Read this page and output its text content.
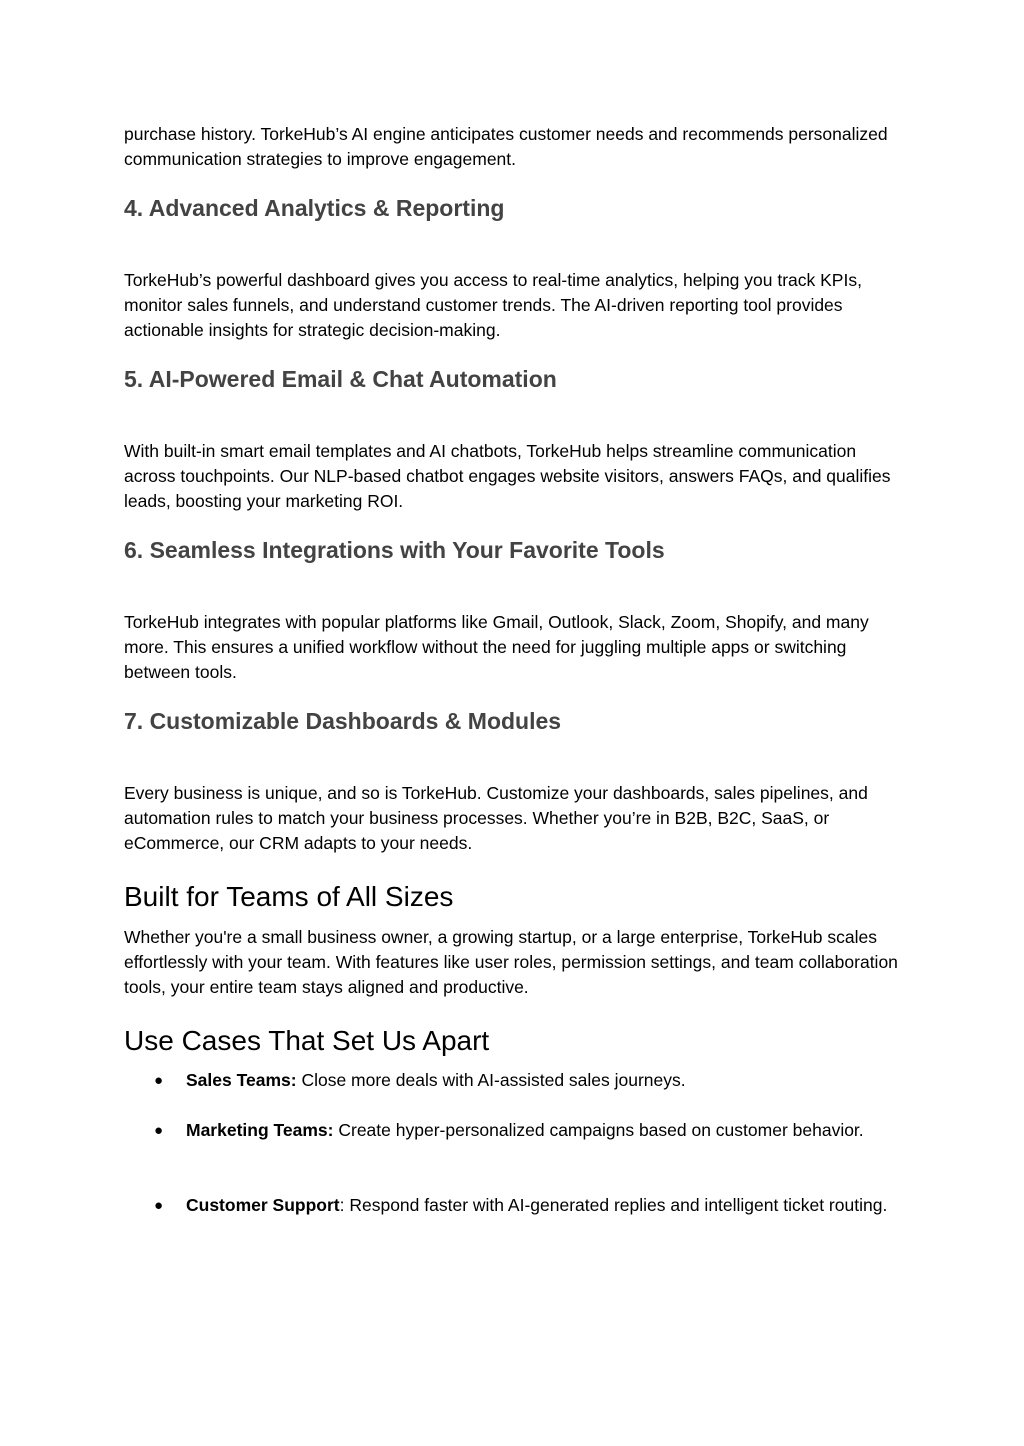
purchase history. TorkeHub’s AI engine anticipates customer needs and recommends personalized communication strategies to improve engagement.

4. Advanced Analytics & Reporting

TorkeHub’s powerful dashboard gives you access to real-time analytics, helping you track KPIs, monitor sales funnels, and understand customer trends. The AI-driven reporting tool provides actionable insights for strategic decision-making.

5. AI-Powered Email & Chat Automation

With built-in smart email templates and AI chatbots, TorkeHub helps streamline communication across touchpoints. Our NLP-based chatbot engages website visitors, answers FAQs, and qualifies leads, boosting your marketing ROI.

6. Seamless Integrations with Your Favorite Tools

TorkeHub integrates with popular platforms like Gmail, Outlook, Slack, Zoom, Shopify, and many more. This ensures a unified workflow without the need for juggling multiple apps or switching between tools.

7. Customizable Dashboards & Modules

Every business is unique, and so is TorkeHub. Customize your dashboards, sales pipelines, and automation rules to match your business processes. Whether you’re in B2B, B2C, SaaS, or eCommerce, our CRM adapts to your needs.

Built for Teams of All Sizes

Whether you're a small business owner, a growing startup, or a large enterprise, TorkeHub scales effortlessly with your team. With features like user roles, permission settings, and team collaboration tools, your entire team stays aligned and productive.

Use Cases That Set Us Apart
● Sales Teams: Close more deals with AI-assisted sales journeys.
● Marketing Teams: Create hyper-personalized campaigns based on customer behavior.
● Customer Support: Respond faster with AI-generated replies and intelligent ticket routing.
